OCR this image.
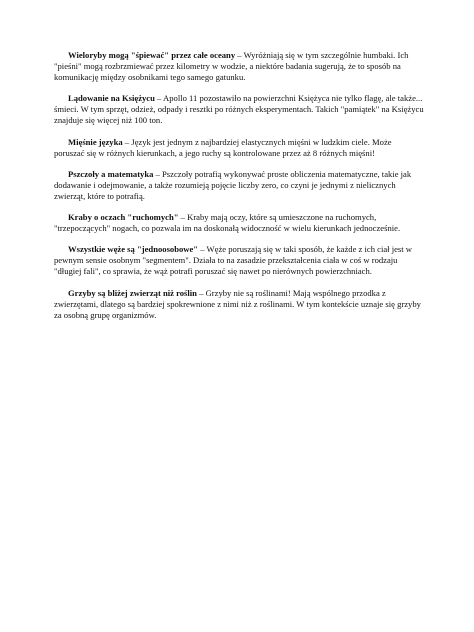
Wieloryby mogą "śpiewać" przez całe oceany – Wyróżniają się w tym szczególnie humbaki. Ich "pieśni" mogą rozbrzmiewać przez kilometry w wodzie, a niektóre badania sugerują, że to sposób na komunikację między osobnikami tego samego gatunku.

Lądowanie na Księżycu – Apollo 11 pozostawiło na powierzchni Księżyca nie tylko flagę, ale także... śmieci. W tym sprzęt, odzież, odpady i resztki po różnych eksperymentach. Takich "pamiątek" na Księżycu znajduje się więcej niż 100 ton.

Mięśnie języka – Język jest jednym z najbardziej elastycznych mięśni w ludzkim ciele. Może poruszać się w różnych kierunkach, a jego ruchy są kontrolowane przez aż 8 różnych mięśni!

Pszczoły a matematyka – Pszczoły potrafią wykonywać proste obliczenia matematyczne, takie jak dodawanie i odejmowanie, a także rozumieją pojęcie liczby zero, co czyni je jednymi z nielicznych zwierząt, które to potrafią.

Kraby o oczach "ruchomych" – Kraby mają oczy, które są umieszczone na ruchomych, "trzepoczących" nogach, co pozwala im na doskonałą widoczność w wielu kierunkach jednocześnie.

Wszystkie węże są "jednoosobowe" – Węże poruszają się w taki sposób, że każde z ich ciał jest w pewnym sensie osobnym "segmentem". Działa to na zasadzie przekształcenia ciała w coś w rodzaju "długiej fali", co sprawia, że wąż potrafi poruszać się nawet po nierównych powierzchniach.

Grzyby są bliżej zwierząt niż roślin – Grzyby nie są roślinami! Mają wspólnego przodka z zwierzętami, dlatego są bardziej spokrewnione z nimi niż z roślinami. W tym kontekście uznaje się grzyby za osobną grupę organizmów.
